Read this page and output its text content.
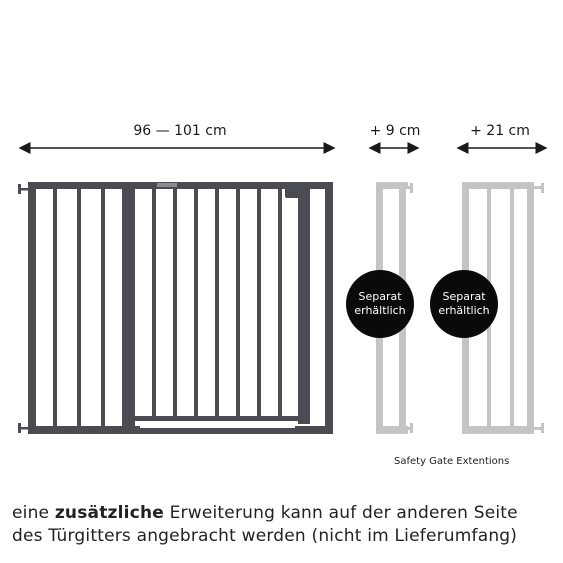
96 — 101 cm	+ 9 cm	+ 21 cm
Separat erhältlich
Separat erhältlich
Safety Gate Extentions
eine zusätzliche Erweiterung kann auf der anderen Seite
des Türgitters angebracht werden (nicht im Lieferumfang)
